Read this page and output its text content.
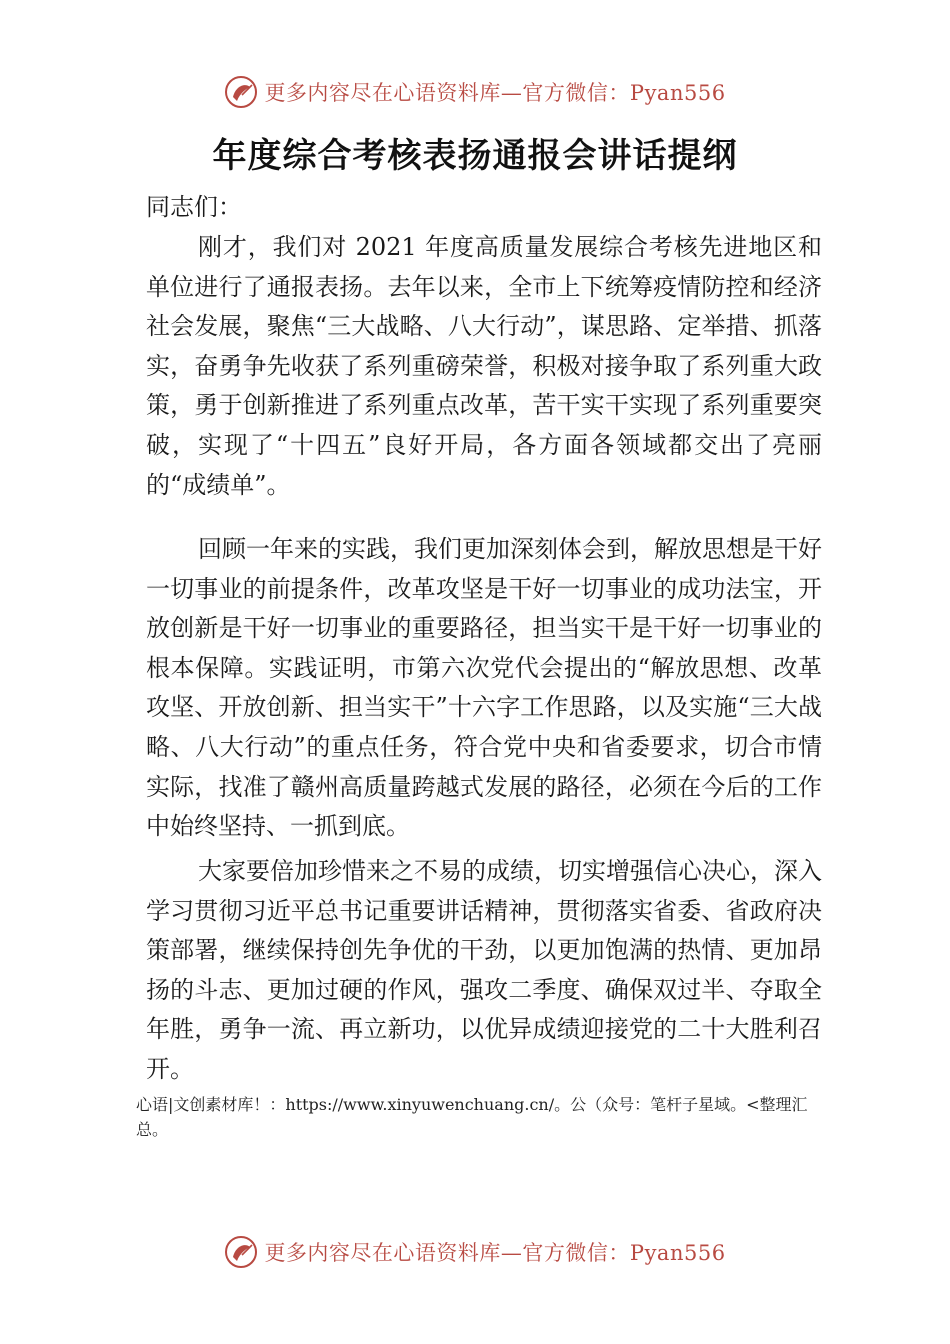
更多内容尽在心语资料库—官方微信：Pyan556
年度综合考核表扬通报会讲话提纲
同志们：

刚才，我们对 2021 年度高质量发展综合考核先进地区和单位进行了通报表扬。去年以来，全市上下统筹疫情防控和经济社会发展，聚焦“三大战略、八大行动”，谋思路、定举措、抓落实，奋勇争先收获了系列重磅荣誉，积极对接争取了系列重大政策，勇于创新推进了系列重点改革，苦干实干实现了系列重要突破，实现了“十四五”良好开局，各方面各领域都交出了亮丽的“成绩单”。

回顾一年来的实践，我们更加深刻体会到，解放思想是干好一切事业的前提条件，改革攻坚是干好一切事业的成功法宝，开放创新是干好一切事业的重要路径，担当实干是干好一切事业的根本保障。实践证明，市第六次党代会提出的“解放思想、改革攻坚、开放创新、担当实干”十六字工作思路，以及实施“三大战略、八大行动”的重点任务，符合党中央和省委要求，切合市情实际，找准了赣州高质量跨越式发展的路径，必须在今后的工作中始终坚持、一抓到底。

大家要倍加珍惜来之不易的成绩，切实增强信心决心，深入学习贯彻习近平总书记重要讲话精神，贯彻落实省委、省政府决策部署，继续保持创先争优的干劲，以更加饱满的热情、更加昂扬的斗志、更加过硬的作风，强攻二季度、确保双过半、夺取全年胜，勇争一流、再立新功，以优异成绩迎接党的二十大胜利召开。

心语|文创素材库！：https://www.xinyuwenchuang.cn/。公（众号：笔杆子星域。<整理汇总。

更多内容尽在心语资料库—官方微信：Pyan556
